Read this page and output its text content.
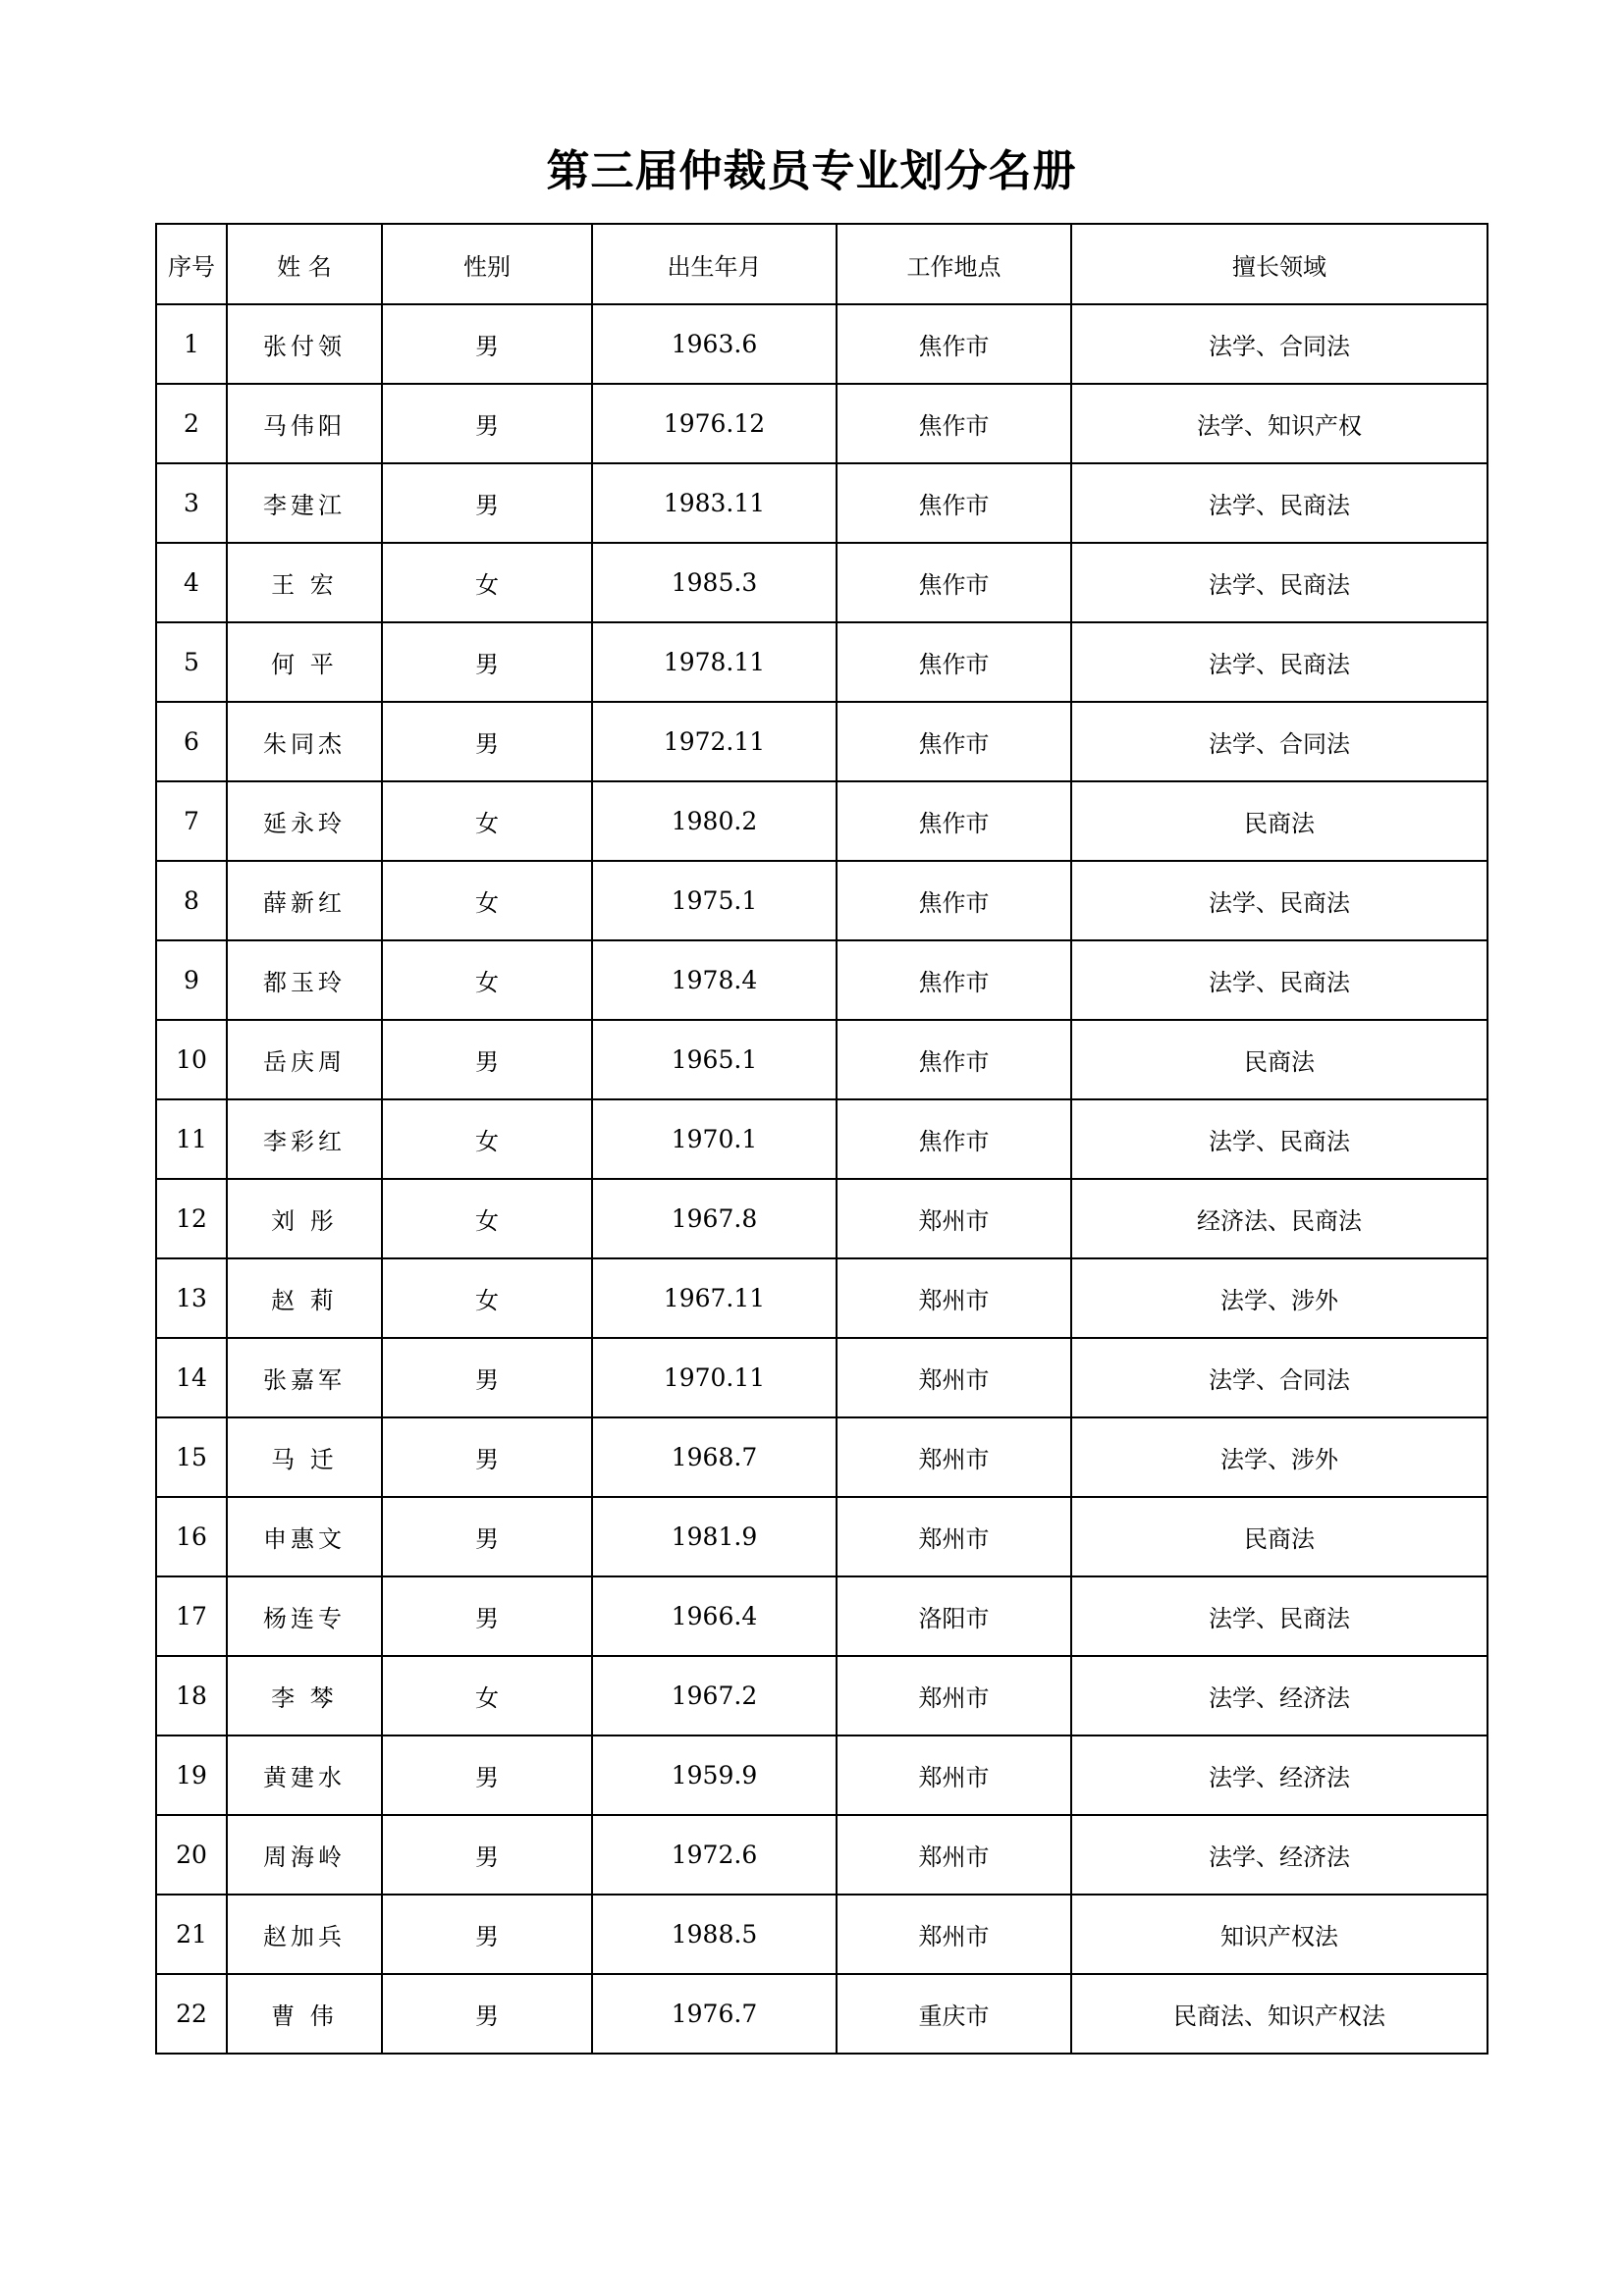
第三届仲裁员专业划分名册
序号	姓 名	性别	出生年月	工作地点	擅长领域
1	张付领	男	1963.6	焦作市	法学、合同法
2	马伟阳	男	1976.12	焦作市	法学、知识产权
3	李建江	男	1983.11	焦作市	法学、民商法
4	王 宏	女	1985.3	焦作市	法学、民商法
5	何 平	男	1978.11	焦作市	法学、民商法
6	朱同杰	男	1972.11	焦作市	法学、合同法
7	延永玲	女	1980.2	焦作市	民商法
8	薛新红	女	1975.1	焦作市	法学、民商法
9	都玉玲	女	1978.4	焦作市	法学、民商法
10	岳庆周	男	1965.1	焦作市	民商法
11	李彩红	女	1970.1	焦作市	法学、民商法
12	刘 彤	女	1967.8	郑州市	经济法、民商法
13	赵 莉	女	1967.11	郑州市	法学、涉外
14	张嘉军	男	1970.11	郑州市	法学、合同法
15	马 迁	男	1968.7	郑州市	法学、涉外
16	申惠文	男	1981.9	郑州市	民商法
17	杨连专	男	1966.4	洛阳市	法学、民商法
18	李 棽	女	1967.2	郑州市	法学、经济法
19	黄建水	男	1959.9	郑州市	法学、经济法
20	周海岭	男	1972.6	郑州市	法学、经济法
21	赵加兵	男	1988.5	郑州市	知识产权法
22	曹 伟	男	1976.7	重庆市	民商法、知识产权法
